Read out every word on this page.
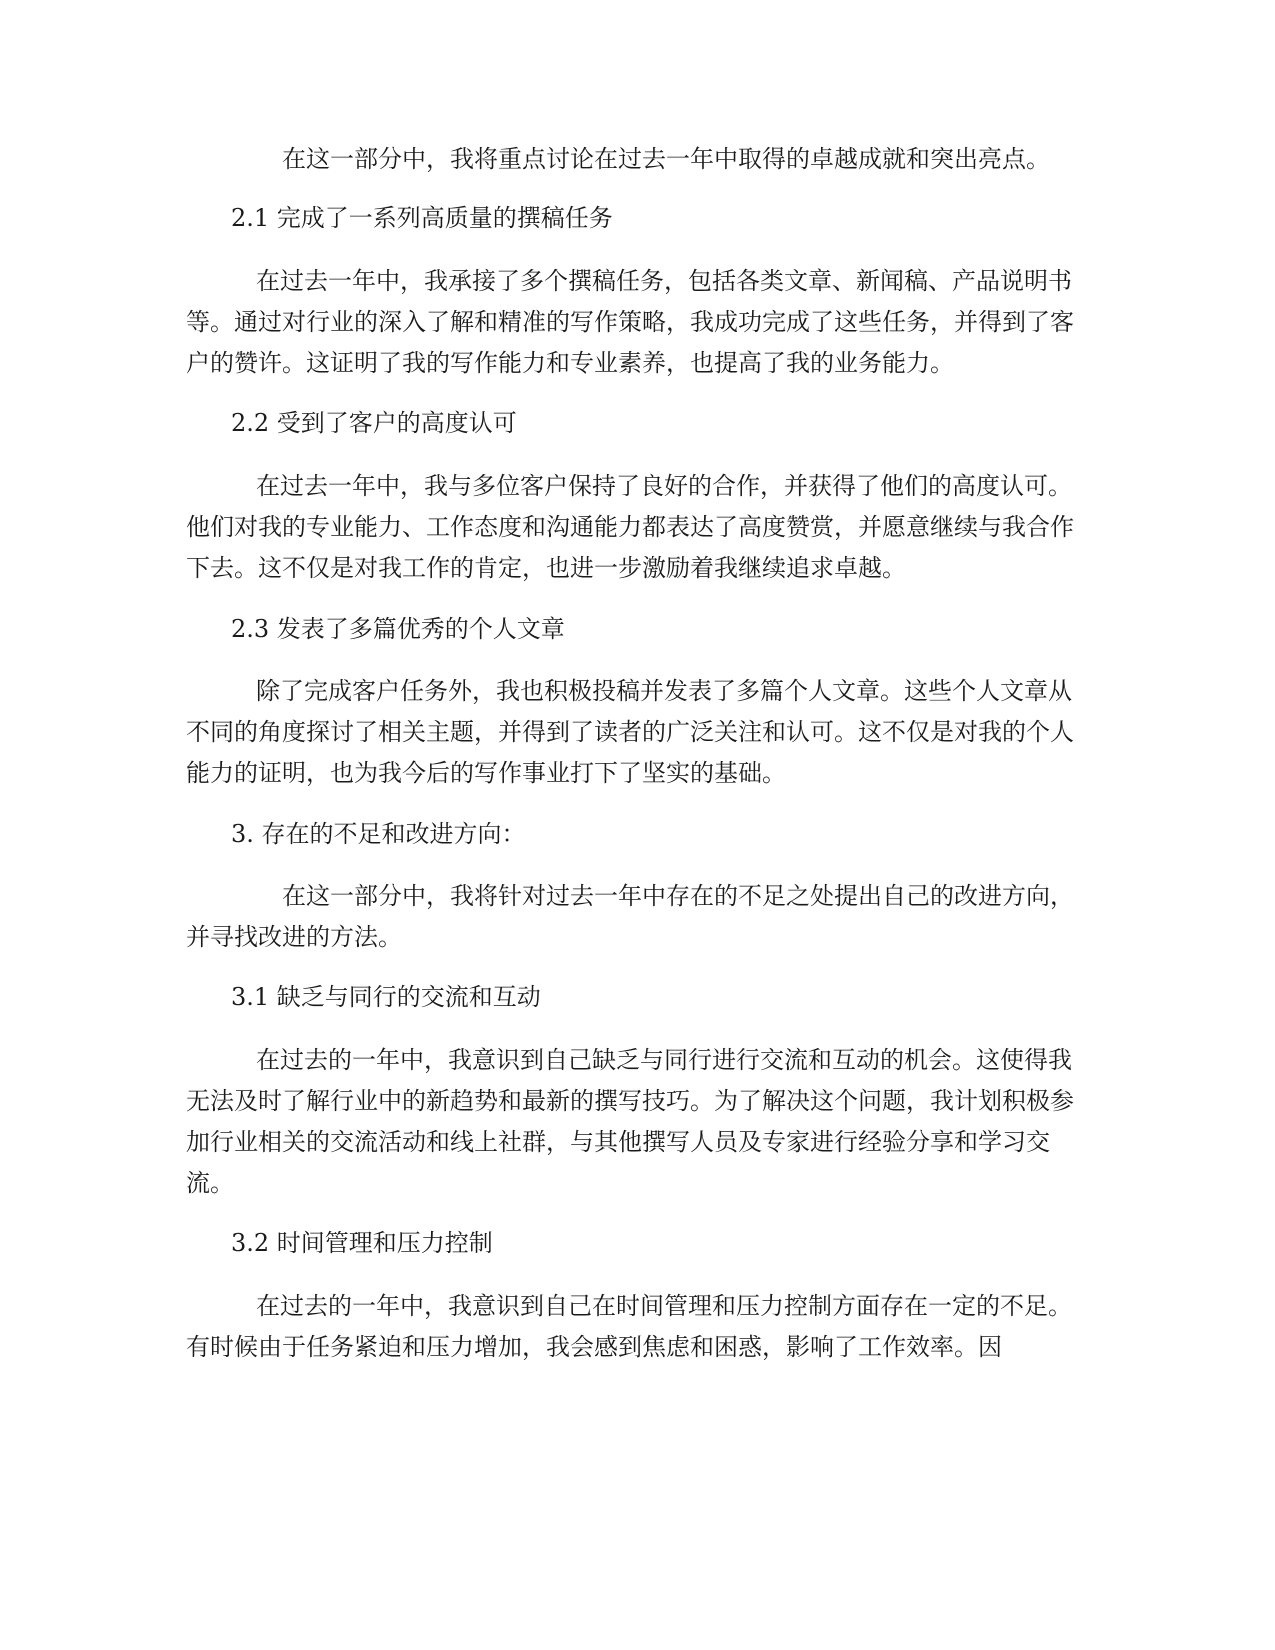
在这一部分中，我将重点讨论在过去一年中取得的卓越成就和突出亮点。

2.1 完成了一系列高质量的撰稿任务

在过去一年中，我承接了多个撰稿任务，包括各类文章、新闻稿、产品说明书等。通过对行业的深入了解和精准的写作策略，我成功完成了这些任务，并得到了客户的赞许。这证明了我的写作能力和专业素养，也提高了我的业务能力。

2.2 受到了客户的高度认可

在过去一年中，我与多位客户保持了良好的合作，并获得了他们的高度认可。他们对我的专业能力、工作态度和沟通能力都表达了高度赞赏，并愿意继续与我合作下去。这不仅是对我工作的肯定，也进一步激励着我继续追求卓越。

2.3 发表了多篇优秀的个人文章

除了完成客户任务外，我也积极投稿并发表了多篇个人文章。这些个人文章从不同的角度探讨了相关主题，并得到了读者的广泛关注和认可。这不仅是对我的个人能力的证明，也为我今后的写作事业打下了坚实的基础。

3. 存在的不足和改进方向：

在这一部分中，我将针对过去一年中存在的不足之处提出自己的改进方向，并寻找改进的方法。

3.1 缺乏与同行的交流和互动

在过去的一年中，我意识到自己缺乏与同行进行交流和互动的机会。这使得我无法及时了解行业中的新趋势和最新的撰写技巧。为了解决这个问题，我计划积极参加行业相关的交流活动和线上社群，与其他撰写人员及专家进行经验分享和学习交流。

3.2 时间管理和压力控制

在过去的一年中，我意识到自己在时间管理和压力控制方面存在一定的不足。有时候由于任务紧迫和压力增加，我会感到焦虑和困惑，影响了工作效率。因
